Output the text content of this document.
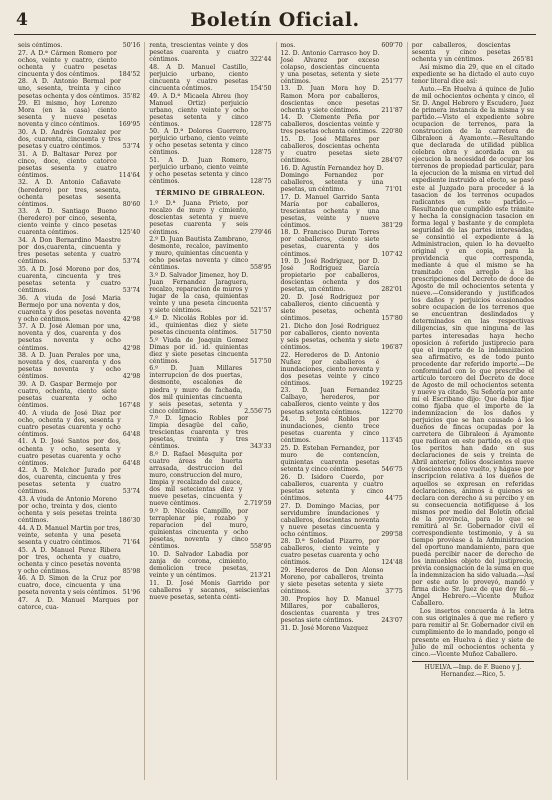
4	Boletín Oficial.
seis céntimos.	50'16
27. A D.ª Cármen Romero por ochos, veinte y cuatro, ciento ochenta y cuatro pesetas cincuenta y dos céntimos.	184'52
28. A D. Antonio Bermal por uno, sesenta, treinta y cinco pesetas ochenta y dos céntimos. 35'82
29. El mismo, hoy Lorenzo Mora (en la casa) ciento sesenta y nueve pesetas noventa y cinco céntimos.	169'95
30. A D. Andrés Gonzalez por dos, cuarenta, cincuenta y tres pesetas y cuatro céntimos.	53'74
31. A D. Baltasar Perez por cinco, doce, ciento catorce pesetas sesenta y cuatro céntimos.	114'64
32. A D. Antonio Cañavate (heredero) por tres, sesenta, ochenta pesetas sesenta céntimos.	80'60
33. A D. Santiago Bueno (heredero) por cinco, sesenta, ciento veinte y cinco pesetas cuarenta céntimos.	125'40
34. A Don Bernardino Maestre por dos,cuarenta, cincuenta y tres pesetas setenta y cuatro céntimos.	53'74
35. A D. José Moreno por dos, cuarenta, cincuenta y tres pesetas setenta y cuatro céntimos.	53'74
36. A viuda de José Maria Bermejo por una noventa y dos, cuarenta y dos pesetas noventa y ocho céntimos.	42'98
37. A D. José Aleman por una, noventa y dos, cuarenta y dos pesetas noventa y ocho céntimos.	42'98
38. A D. Juan Perales por una, noventa y dos, cuarenta y dos pesetas noventa y ocho céntimos.	42'98
39. A D. Gaspar Bermejo por cuatro, ochenta, ciento siete pesetas cuarenta y ocho céntimos.	167'48
40. A viuda de José Diaz por ocho, ochenta y dos, sesenta y cuatro pesetas cuarenta y ocho céntimos.	64'48
41. A D. José Santos por dos, ochenta y ocho, sesenta y cuatro pesetas cuarenta y ocho céntimos.	64'48
42. A D. Melchor Jurado por dos, cuarenta, cincuenta y tres pesetas setenta y cuatro céntimos.	53'74
43. A viuda de Antonio Moreno por ocho, treinta y dos, ciento ochenta y seis pesetas treinta céntimos.	186'30
44. A D. Manuel Martin por tres, veinte, setenta y una peseta sesenta y cuatro céntimos.	71'64
45. A D. Manuel Perez Ribera por tres, ochenta y cuatro, ochenta y cinco pesetas noventa y ocho céntimos.	85'98
46. A D. Simon de la Cruz por cuatro, doce, cincuenta y una peseta noventa y seis céntimos. 51'96
47. A D. Manuel Marques por catorce, cua-
renta, trescientas veinte y dos pesetas cuarenta y cuatro céntimos.	322'44
48. A D. Manuel Castillo, perjuicio urbano, ciento cincuenta y cuatro pesetas cincuenta céntimos.	154'50
49. A D.ª Micaela Abreu (hoy Manuel Ortiz) perjuicio urbano, ciento veinte y ocho pesetas setenta y cinco céntimos.	128'75
50. A D.ª Dolores Guerrero, perjuicio urbano, ciento veinte y ocho pesetas setenta y cinco céntimos.	128'75
51. A D. Juan Romero, perjuicio urbano, ciento veinte y ocho pesetas setenta y cinco céntimos.	128'75
TÉRMINO DE GIBRALEON.
1.º D.ª Juana Prieto, por recalzo de muro y cimiento, doscientas setenta y nueve pesetas cuarenta y seis céntimos.	279'46
2.º D. Juan Bautista Zambrano, desmonte, recalce, pavimento y muro, quinientas cincuenta y ocho pesetas noventa y cinco céntimos.	558'95
3.º D. Salvador Jimenez, hoy D. Juan Fernandez Jaraguera, recalzo, reparacion de muros y lugar de la casa, quinientas veinte y una peseta cincuenta y siete céntimos.	521'57
4.º D. Nicolás Robles por id. id., quinientas diez y siete pesetas cincuenta céntimos.	517'50
5.º Viuda de Joaquin Gomez Dimas por id. id. quinientas diez y siete pesetas cincuenta céntimos.	517'50
6.º D. Juan Millares interrupcion de dos puertas, desmonte, escalones de piedra y muro de fachada, dos mil quinientas cincuenta y seis pesetas, setenta y cinco céntimos.	2.556'75
7.º D. Ignacio Robles por limpia desagüe del caño, trescientas cuarenta y tres pesetas, treinta y tres céntimos.	343'33
8.º D. Rafael Mesquita por cuatro áreas de huerta arrasada, destruccion del muro, construccion del muro, limpia y recalzado del cauce, dos mil setecientas diez y nueve pesetas, cincuenta y nueve céntimos.	2.719'59
9.º D. Nicolás Campillo, por terraplenar pie, rozabo y reparacion del muro, quinientas cincuenta y ocho pesetas, noventa y cinco céntimos.	558'95
10. D. Salvador Labadia por zanja de corona, cimiento, demolicion trece pesetas, veinte y un céntimos.	213'21
11. D. José Monis Garrido por cahalleros y sacanos, seiscientas nueve pesetas, setenta cénti-
mos.	609'70
12. D. Antonio Carrasco hoy D. José Alvarez por exceso colapso, doscientas cincuenta y una pesetas, setenta y siete céntimos.	251'77
13. D. Juan Mora hoy D. Ramon Mora por caballeros, doscientas once pesetas ochenta y siete céntimos.	211'87
14. D. Clemente Peña por caballeros, doscientas veinte y tres pesetas ochenta céntimos. 220'80
15. D. José Millares por caballeros, doscientas ochenta y cuatro pesetas siete céntimos.	284'07
16. D. Agustín Fernandez hoy D. Domingo Fernandez por caballeros, setenta y una pesetas, un céntimo.	71'01
17. D. Manuel Garrido Santa María por caballeros, trescientas ochenta y una pesetas, veinte y nueve céntimos.	381'29
18. D. Francisco Duran Torres por caballeros, ciento siete pesetas, cuarenta y dos céntimos.	107'42
19. D. José Rodriguez, por D. José Rodriguez García propietario por caballeros, doscientas ochenta y dos pesetas, un céntimo.	282'01
20. D. José Rodriguez por caballeros, ciento cincuenta y siete pesetas, ochenta céntimos.	157'80
21. Dicho don José Rodriguez por caballeros, ciento noventa y seis pesetas, ochenta y siete céntimos.	196'87
22. Herederos de D. Antonio Nuñez por caballeros é inundaciones, ciento noventa y dos pesetas veinte y cinco céntimos.	192'25
23. D. Juan Fernandez Calbayo, herederos, por caballeros, ciento veinte y dos pesetas setenta céntimos.	122'70
24. D. José Robles por inundaciones, ciento trece pesetas cuarenta y cinco céntimos.	113'45
25. D. Esteban Fernandez, por muro de contencion, quinientas cuarenta pesetas setenta y cinco céntimos.	546'75
26. D. Isidoro Cuerdo, por caballeros, cuarenta y cuatro pesetas setenta y cinco céntimos.	44'75
27. D. Domingo Macias, por servidumbre inundaciones y caballeros, doscientas noventa y nueve pesetas cincuenta y ocho céntimos.	299'58
28. D.ª Soledad Pizarro, por caballeros, ciento veinte y cuatro pesetas cuarenta y ocho céntimos.	124'48
29. Herederos de Don Alonso Moreno, por caballeros, treinta y siete pesetas setenta y siete céntimos.	37'75
30. Propios hoy D. Manuel Millares, por caballeros, doscientas cuarenta y tres pesetas siete céntimos.	243'07
31. D. José Moreno Vazquez
por caballeros, doscientas sesenta y cinco pesetas ochenta y un céntimos.	265'81
Así mismo dia 29, que en el citado expediente se ha dictado el auto cuyo tenor literal dice así:
Auto.—En Huelva á quince de Julio de mil ochocientos ochenta y cinco, el Sr. D. Angel Hebrero y Escudero, Juez de primera instancia de la misma y su partido.—Visto el expediente sobre ocupacion de terrenos, para la construccion de la carretera de Gibraleon á Ayamonte.—Resultando que declarada de utilidad pública celebra obra y acordada en su ejecucion la necesidad de ocupar los terrenos de propiedad particular, para la ejecucion de la misma en virtud del expediente instruido al efecto, se pasó este al Juzgado para proceder á la tasacion de los terrenos ocupados radicantes en este partido.—Resultando que cumplido este trámite y hecha la consignacion tasacion en forma legal y bastante y de completa seguridad de las partes interesadas, se consintió el expediente á la Administracion, quien lo ha devuelto original y en copia, para la providencia que corresponda, mediante á que el mismo se ha tramitado con arreglo á las prescripciones del Decreto de doce de Agosto de mil ochocientos setenta y nueve.—Considerando y justificados los daños y perjuicios ocasionados sobre ocupacion de los terrenos que se encuentran deslindados y determinados en las respectivas diligencias, sin que ninguna de las partes interesadas haya hecho oposicion á referido justiprecio para que el importe de la indemnizacion sea afirmativo, es de todo punto procedente dar referido importe.—De conformidad con lo que prescribe el artículo tercero del Decreto de doce de Agosto de mil ochocientos setenta y nueve ya citado, Su Señoría por ante mí el Escribano dijo: Que debia fijar como fijaba que el importe de la indemnizacion de los daños y perjuicios que se han causado á los dueños de fincas ocupadas por la carretera de Gibraleon á Ayamonte que radican en este partido, es el que los peritos han dado en sus declaraciones de seis y treinta de Abril anterior, folios doscientos nueve y doscientos once vuelto, y hágase por inscripcion relativa á los dueños de aquellos se expresan en referidas declaraciones, ánimos á quienes se declara con derecho á su percibo y en su consecuencia notifíquese á los mismos por medio del Boletín oficial de la provincia, para lo que se remitirá al Sr. Gobernador civil el correspondiente testimonio, y á su tiempo provéase á la Administracion del oportuno mandamiento, para que pueda percibir nacer de derecho de los inmuebles objeto del justiprecio, prévia consignacion de la suma en que la indemnizacion ha sido valuada.—Así por este auto lo proveyó, mandó y firma dicho Sr. Juez de que doy fé.—Angel Hebrero.—Vicente Muñoz Caballero.
Los insertos concuerda á la letra con sus originales á que me refiero y para remitir al Sr. Gobernador civil en cumplimiento de lo mandado, pongo el presente en Huelva á diez y siete de Julio de mil ochocientos ochenta y cinco.—Vicente Muñoz Caballero.
HUELVA.—Imp. de F. Bueno y J. Hernandez.—Rico, 5.
